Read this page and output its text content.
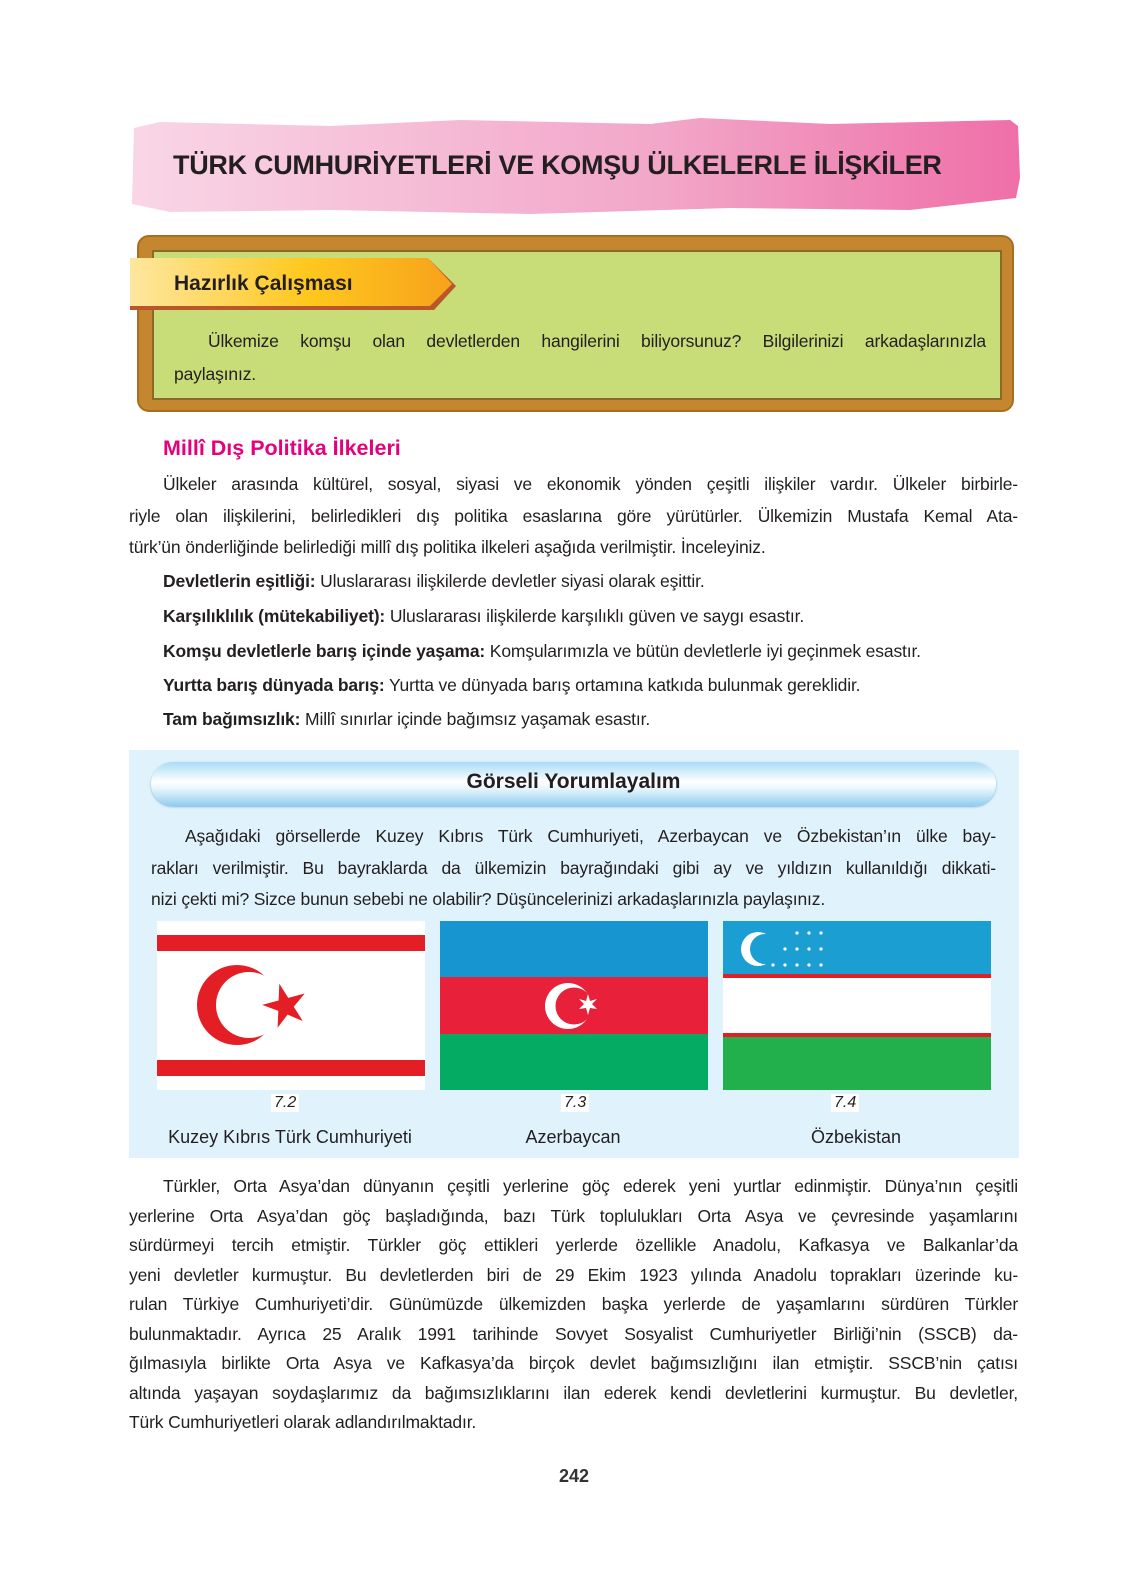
TÜRK CUMHURİYETLERİ VE KOMŞU ÜLKELERLE İLİŞKİLER
Hazırlık Çalışması
Ülkemize komşu olan devletlerden hangilerini biliyorsunuz? Bilgilerinizi arkadaşlarınızla
paylaşınız.
Millî Dış Politika İlkeleri
Ülkeler arasında kültürel, sosyal, siyasi ve ekonomik yönden çeşitli ilişkiler vardır. Ülkeler birbirle-
riyle olan ilişkilerini, belirledikleri dış politika esaslarına göre yürütürler. Ülkemizin Mustafa Kemal Ata-
türk’ün önderliğinde belirlediği millî dış politika ilkeleri aşağıda verilmiştir. İnceleyiniz.
Devletlerin eşitliği: Uluslararası ilişkilerde devletler siyasi olarak eşittir.
Karşılıklılık (mütekabiliyet): Uluslararası ilişkilerde karşılıklı güven ve saygı esastır.
Komşu devletlerle barış içinde yaşama: Komşularımızla ve bütün devletlerle iyi geçinmek esastır.
Yurtta barış dünyada barış: Yurtta ve dünyada barış ortamına katkıda bulunmak gereklidir.
Tam bağımsızlık: Millî sınırlar içinde bağımsız yaşamak esastır.
Görseli Yorumlayalım
Aşağıdaki görsellerde Kuzey Kıbrıs Türk Cumhuriyeti, Azerbaycan ve Özbekistan’ın ülke bay-
rakları verilmiştir. Bu bayraklarda da ülkemizin bayrağındaki gibi ay ve yıldızın kullanıldığı dikkati-
nizi çekti mi? Sizce bunun sebebi ne olabilir? Düşüncelerinizi arkadaşlarınızla paylaşınız.
7.2	7.3	7.4
Kuzey Kıbrıs Türk Cumhuriyeti	Azerbaycan	Özbekistan
Türkler, Orta Asya’dan dünyanın çeşitli yerlerine göç ederek yeni yurtlar edinmiştir. Dünya’nın çeşitli
yerlerine Orta Asya’dan göç başladığında, bazı Türk toplulukları Orta Asya ve çevresinde yaşamlarını
sürdürmeyi tercih etmiştir. Türkler göç ettikleri yerlerde özellikle Anadolu, Kafkasya ve Balkanlar’da
yeni devletler kurmuştur. Bu devletlerden biri de 29 Ekim 1923 yılında Anadolu toprakları üzerinde ku-
rulan Türkiye Cumhuriyeti’dir. Günümüzde ülkemizden başka yerlerde de yaşamlarını sürdüren Türkler
bulunmaktadır. Ayrıca 25 Aralık 1991 tarihinde Sovyet Sosyalist Cumhuriyetler Birliği’nin (SSCB) da-
ğılmasıyla birlikte Orta Asya ve Kafkasya’da birçok devlet bağımsızlığını ilan etmiştir. SSCB’nin çatısı
altında yaşayan soydaşlarımız da bağımsızlıklarını ilan ederek kendi devletlerini kurmuştur. Bu devletler,
Türk Cumhuriyetleri olarak adlandırılmaktadır.
242
